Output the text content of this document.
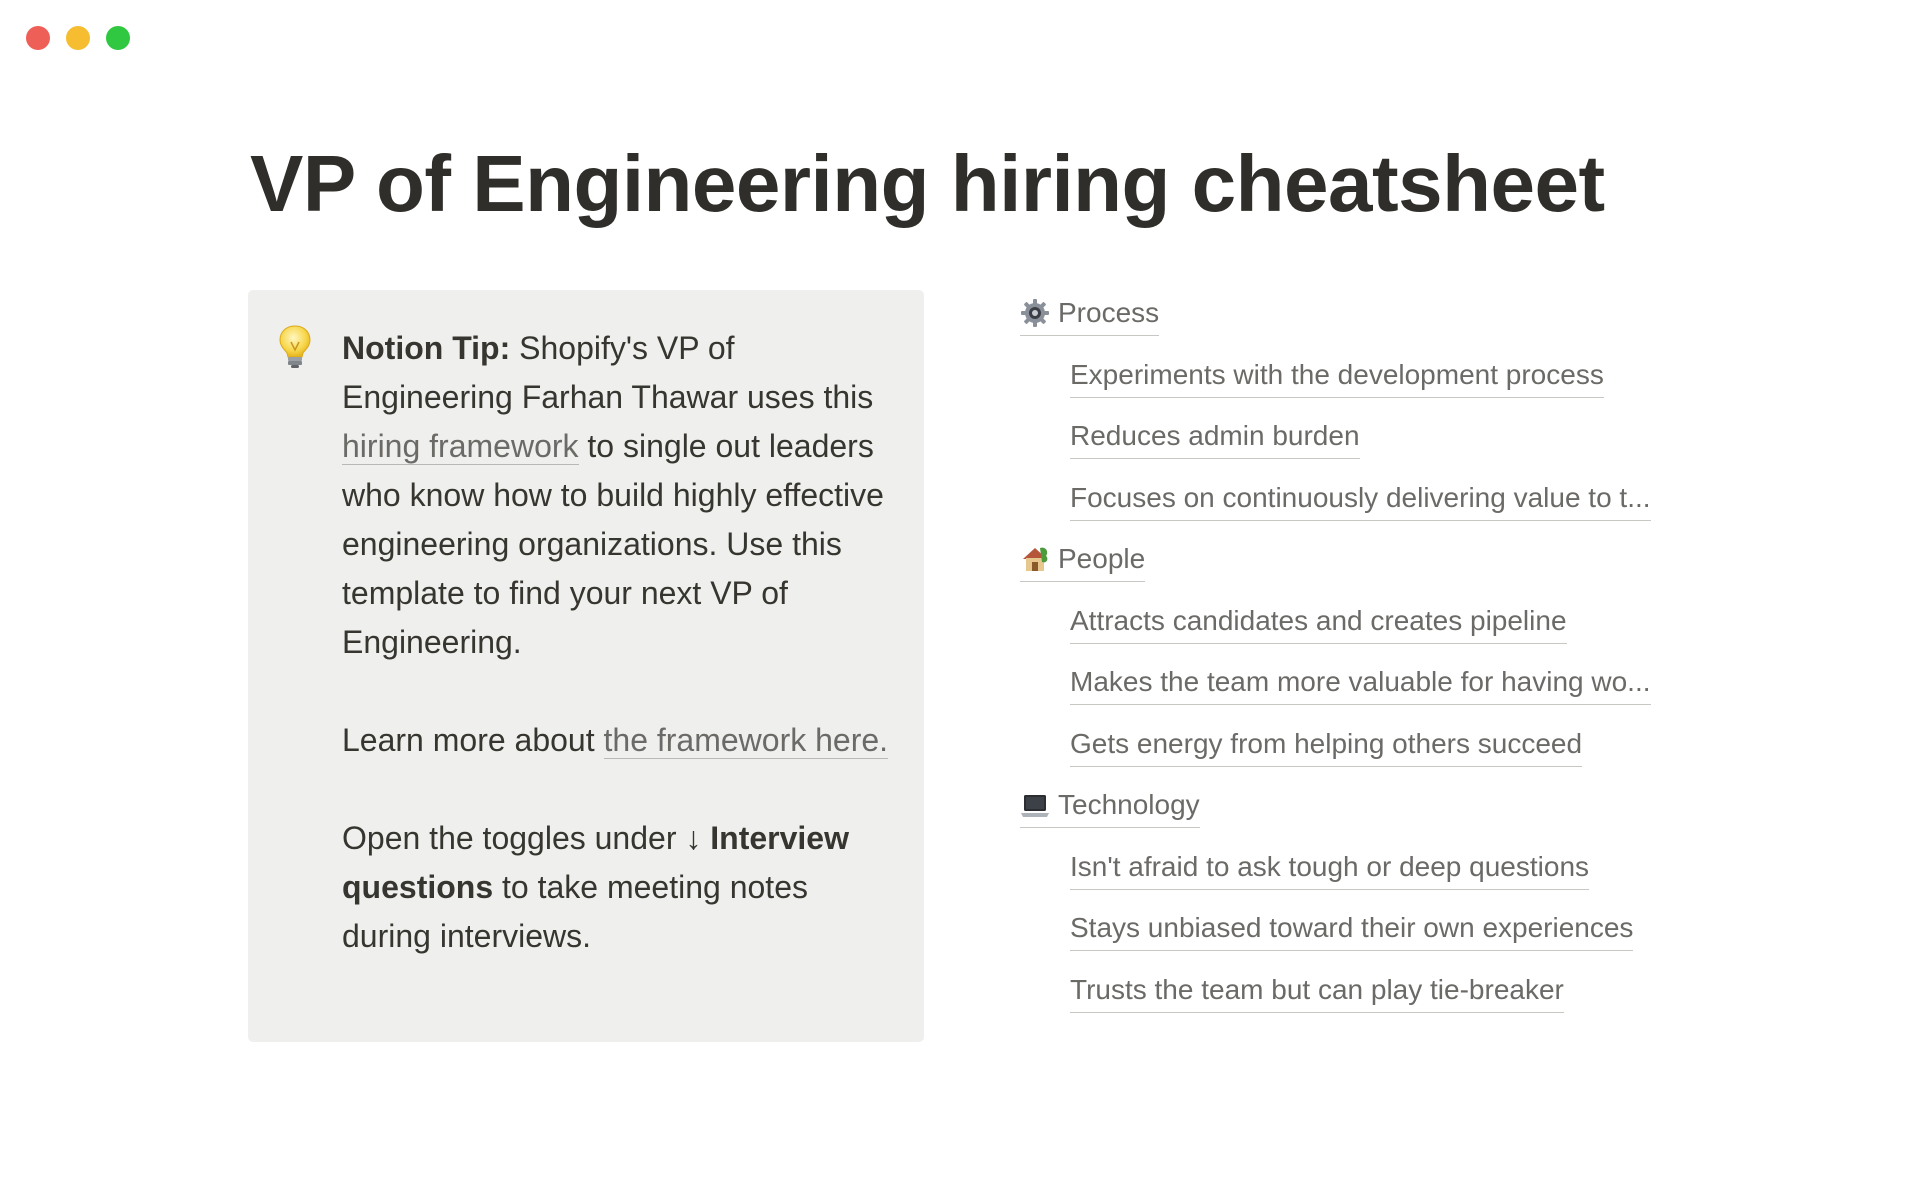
VP of Engineering hiring cheatsheet

Notion Tip: Shopify's VP of Engineering Farhan Thawar uses this hiring framework to single out leaders who know how to build highly effective engineering organizations. Use this template to find your next VP of Engineering.

Learn more about the framework here.

Open the toggles under ↓ Interview questions to take meeting notes during interviews.

Process
Experiments with the development process
Reduces admin burden
Focuses on continuously delivering value to t...
People
Attracts candidates and creates pipeline
Makes the team more valuable for having wo...
Gets energy from helping others succeed
Technology
Isn't afraid to ask tough or deep questions
Stays unbiased toward their own experiences
Trusts the team but can play tie-breaker
